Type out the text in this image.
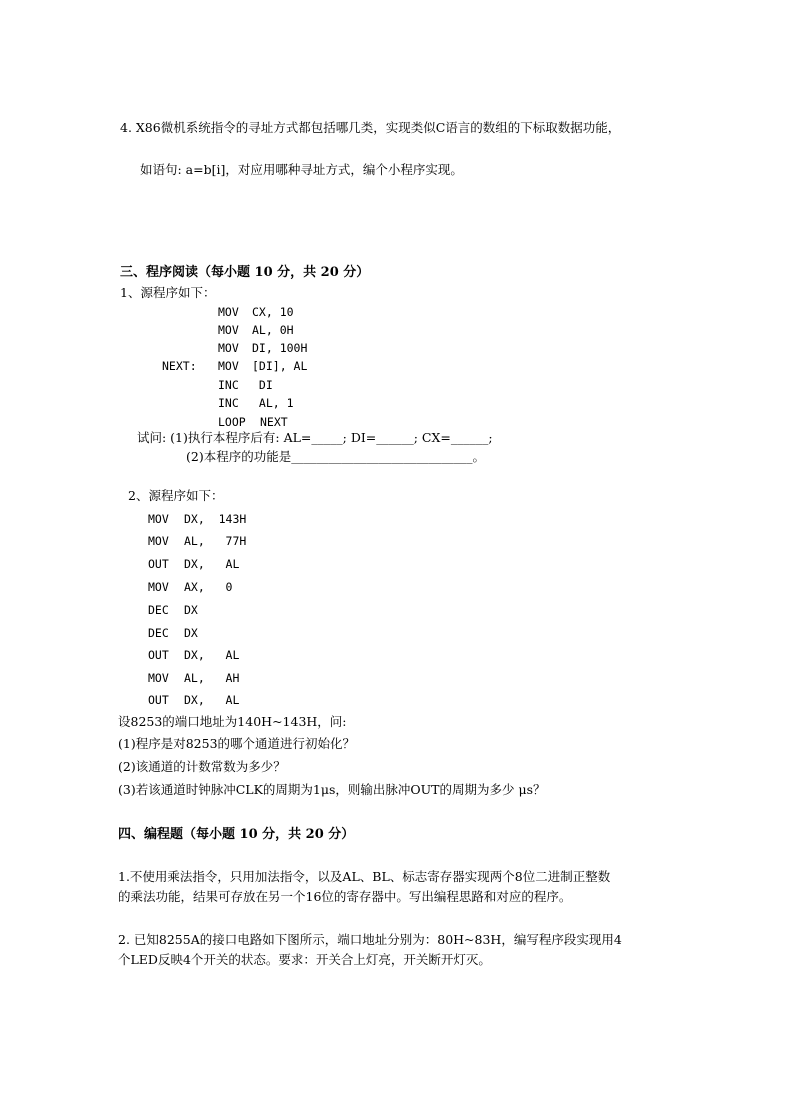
4. X86微机系统指令的寻址方式都包括哪几类，实现类似C语言的数组的下标取数据功能，
如语句: a=b[i]，对应用哪种寻址方式，编个小程序实现。
三、程序阅读（每小题 10 分，共 20 分）
1、源程序如下：
MOV CX, 10
MOV AL, 0H
MOV DI, 100H
NEXT: MOV [DI], AL
INC DI
INC AL, 1
LOOP NEXT
试问: (1)执行本程序后有: AL=_____; DI=______; CX=______;
(2)本程序的功能是_____________________________。
2、源程序如下：
MOV DX,  143H
MOV AL,   77H
OUT DX,   AL
MOV AX,   0
DEC DX
DEC DX
OUT DX,   AL
MOV AL,   AH
OUT DX,   AL
设8253的端口地址为140H~143H，问:
(1)程序是对8253的哪个通道进行初始化？
(2)该通道的计数常数为多少？
(3)若该通道时钟脉冲CLK的周期为1μs，则输出脉冲OUT的周期为多少 μs？
四、编程题（每小题 10 分，共 20 分）
1.不使用乘法指令，只用加法指令，以及AL、BL、标志寄存器实现两个8位二进制正整数
的乘法功能，结果可存放在另一个16位的寄存器中。写出编程思路和对应的程序。
2. 已知8255A的接口电路如下图所示，端口地址分别为：80H~83H，编写程序段实现用4
个LED反映4个开关的状态。要求：开关合上灯亮，开关断开灯灭。
